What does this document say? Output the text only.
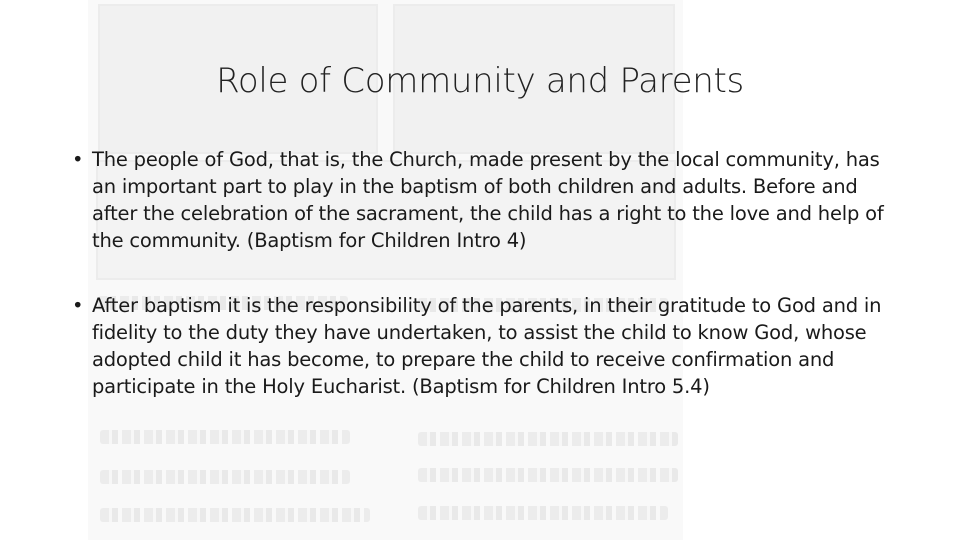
Role of Community and Parents
• The people of God, that is, the Church, made present by the local community, has an important part to play in the baptism of both children and adults. Before and after the celebration of the sacrament, the child has a right to the love and help of the community. (Baptism for Children Intro 4)
• After baptism it is the responsibility of the parents, in their gratitude to God and in fidelity to the duty they have undertaken, to assist the child to know God, whose adopted child it has become, to prepare the child to receive confirmation and participate in the Holy Eucharist. (Baptism for Children Intro 5.4)
